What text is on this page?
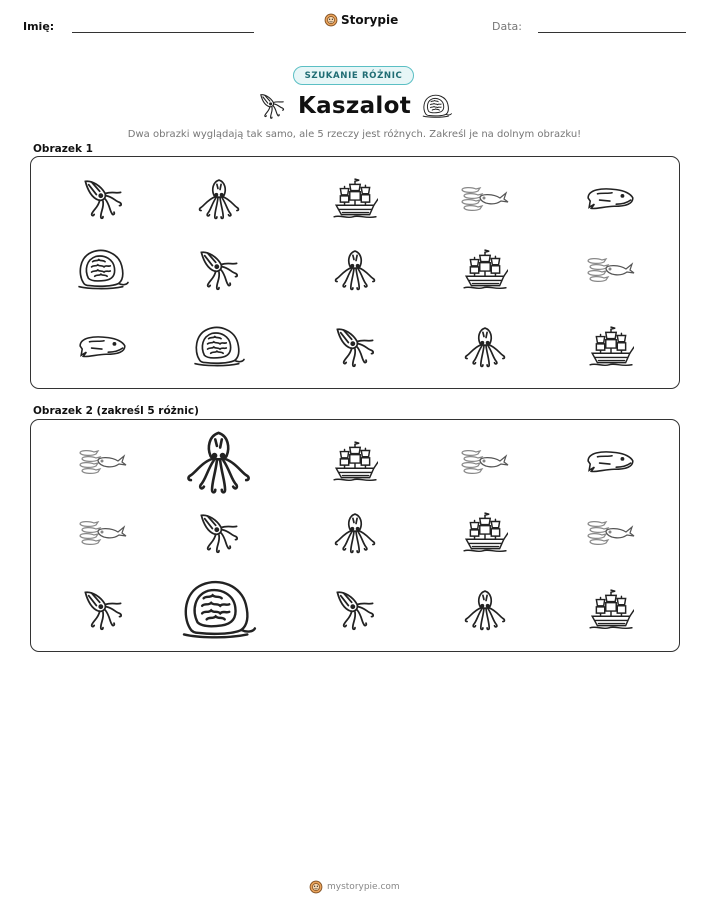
Imię:	Storypie	Data:
SZUKANIE RÓŻNIC
Kaszalot
Dwa obrazki wyglądają tak samo, ale 5 rzeczy jest różnych. Zakreśl je na dolnym obrazku!
Obrazek 1
Obrazek 2 (zakreśl 5 różnic)
mystorypie.com
